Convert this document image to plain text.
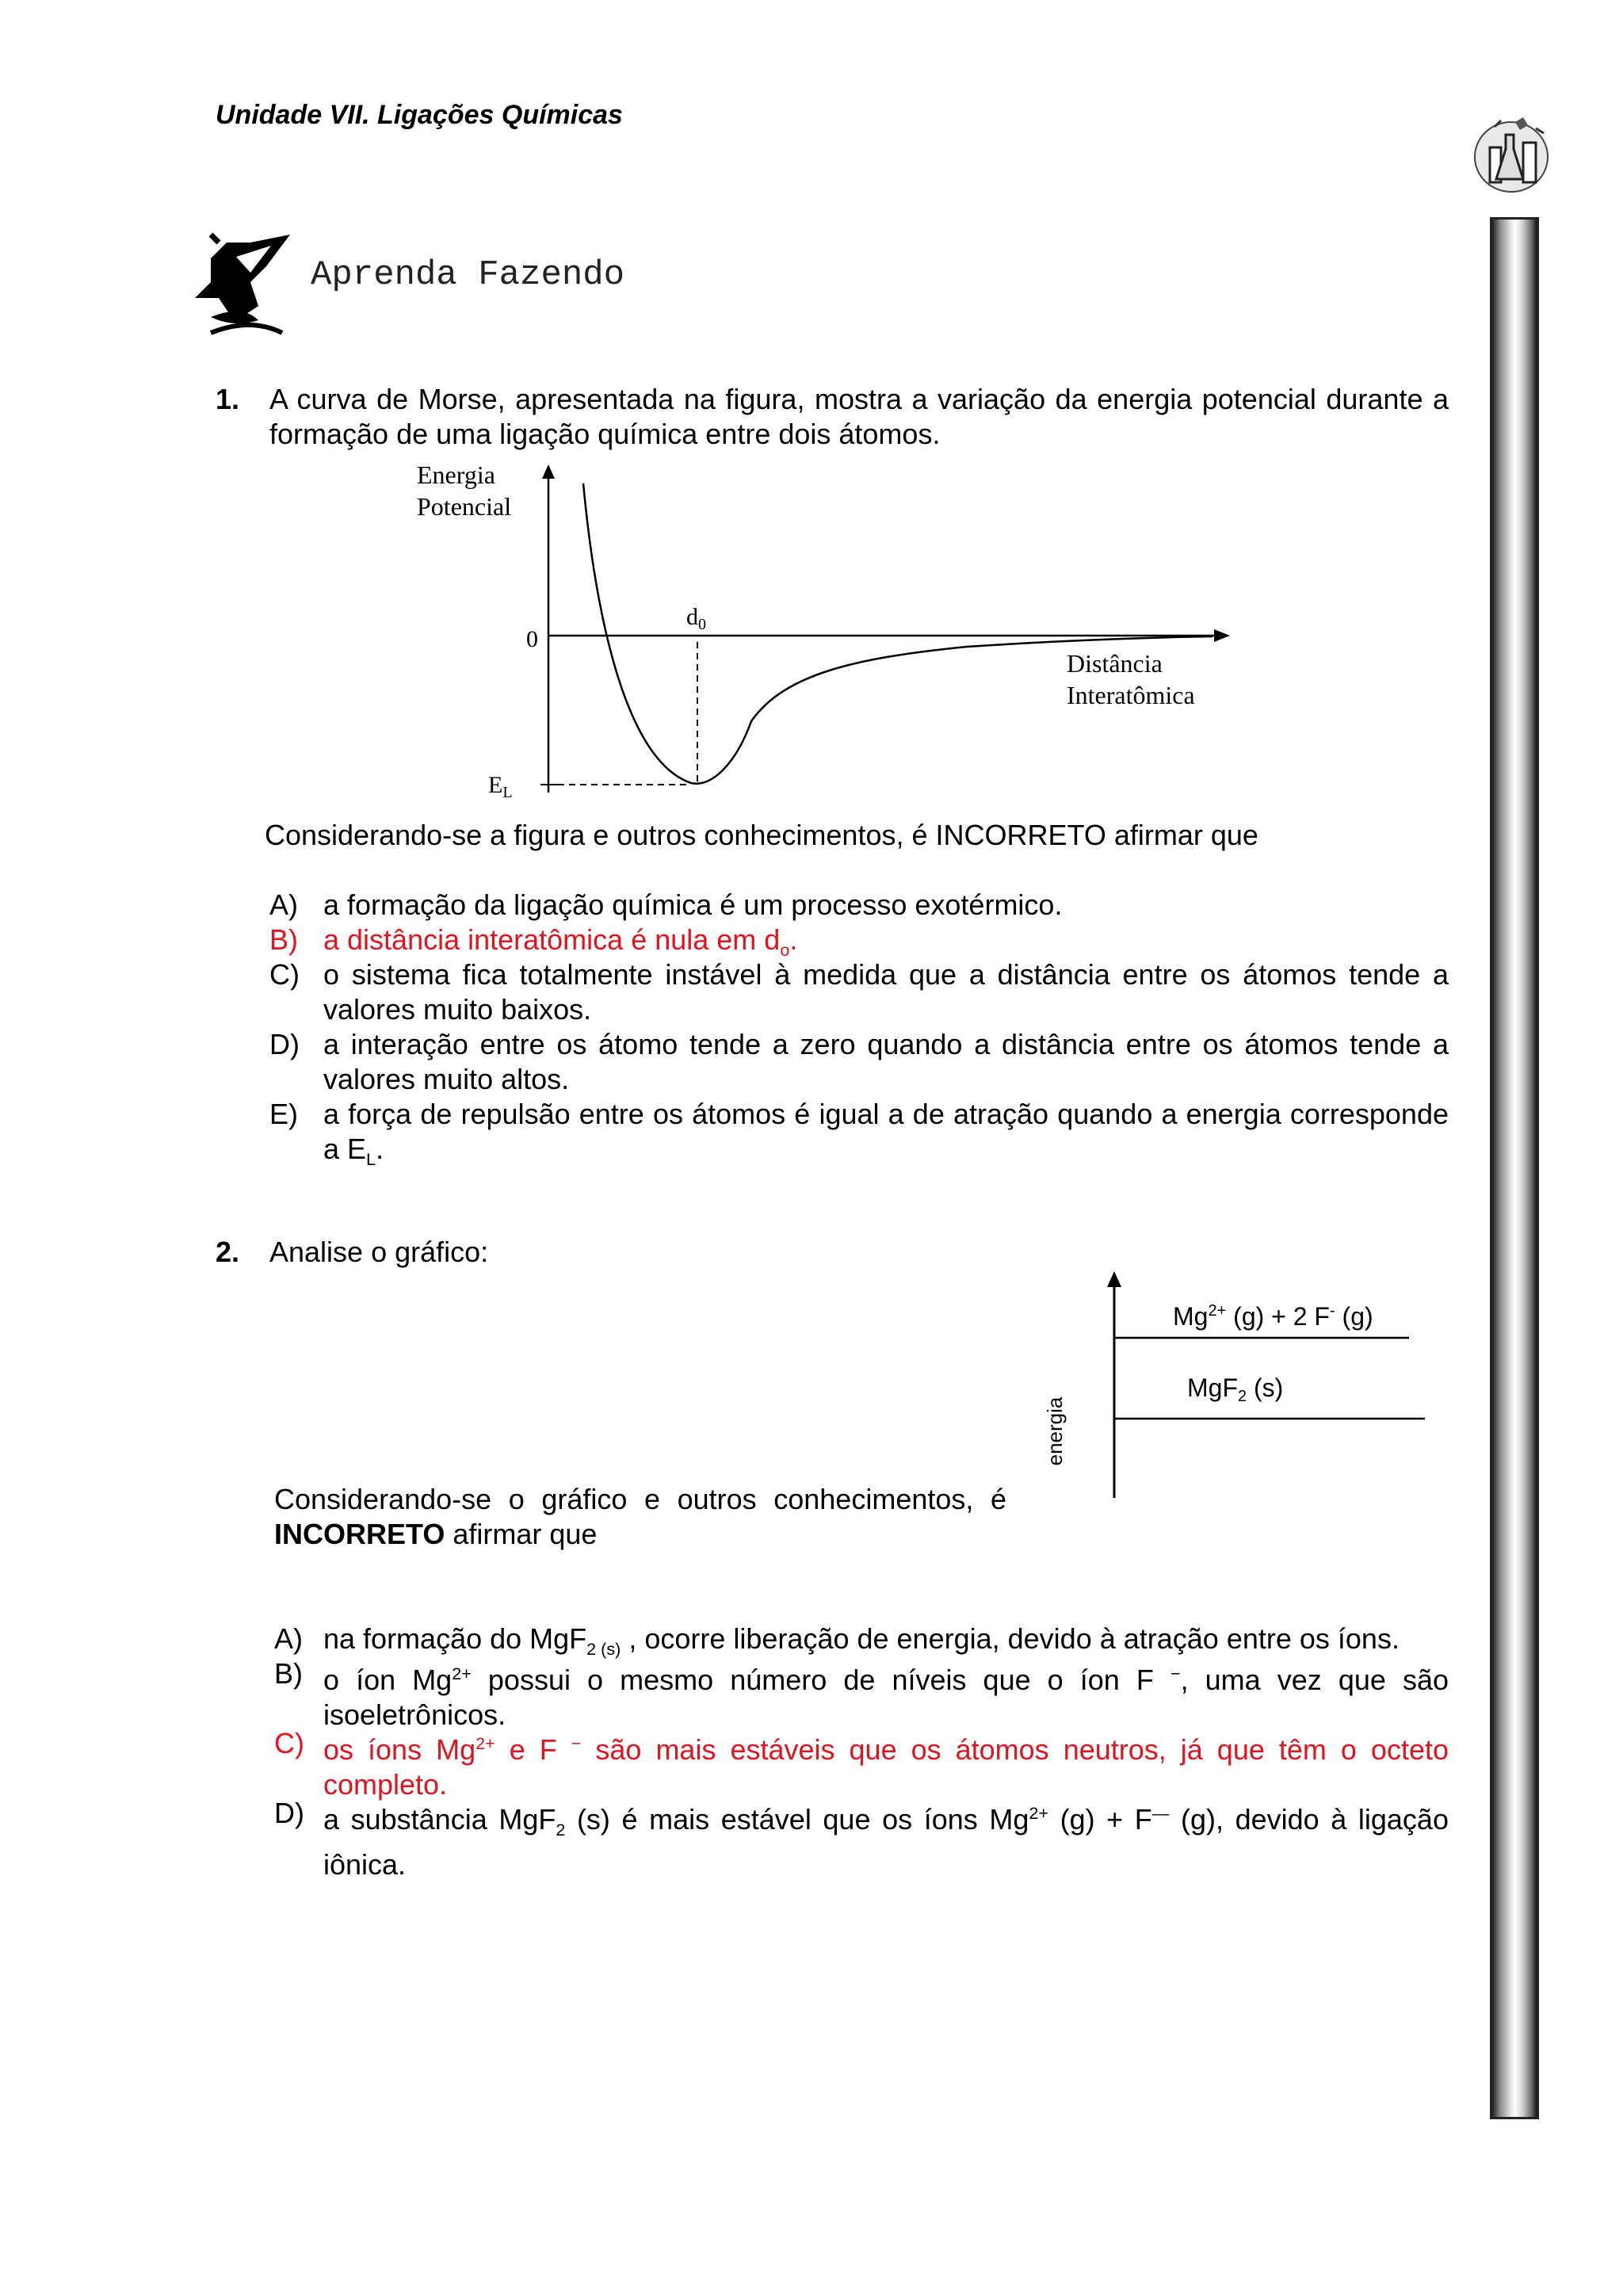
Unidade VII. Ligações Químicas
Aprenda Fazendo
1. A curva de Morse, apresentada na figura, mostra a variação da energia potencial durante a formação de uma ligação química entre dois átomos.
Energia
Potencial
0
$d_0$
$E_L$
Distância
Interatômica
Considerando-se a figura e outros conhecimentos, é INCORRETO afirmar que
A) a formação da ligação química é um processo exotérmico.
B) a distância interatômica é nula em $d_o$.
C) o sistema fica totalmente instável à medida que a distância entre os átomos tende a valores muito baixos.
D) a interação entre os átomo tende a zero quando a distância entre os átomos tende a valores muito altos.
E) a força de repulsão entre os átomos é igual a de atração quando a energia corresponde a $E_L$.
2. Analise o gráfico:
energia
$Mg^{2+}$ (g) + 2 F- (g)
MgF2 (s)
Considerando-se o gráfico e outros conhecimentos, é INCORRETO afirmar que
A) na formação do MgF$_{2 (s)}$ , ocorre liberação de energia, devido à atração entre os íons.
B) o íon $Mg^{2+}$ possui o mesmo número de níveis que o íon F −, uma vez que são isoeletrônicos.
C) os íons $Mg^{2+}$ e F − são mais estáveis que os átomos neutros, já que têm o octeto completo.
D) a substância MgF$_2$ (s) é mais estável que os íons $Mg^{2+}$ (g) + F— (g), devido à ligação iônica.
